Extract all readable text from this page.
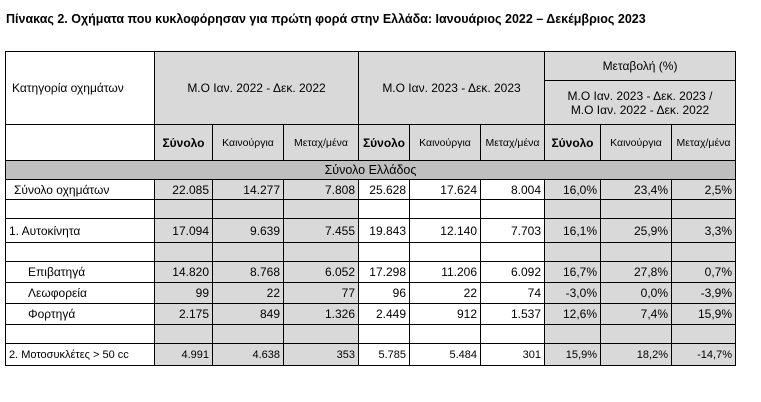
Πίνακας 2. Οχήματα που κυκλοφόρησαν για πρώτη φορά στην Ελλάδα: Ιανουάριος 2022 – Δεκέμβριος 2023
Κατηγορία οχημάτων	Μ.Ο Ιαν. 2022 - Δεκ. 2022			Μ.Ο Ιαν. 2023 - Δεκ. 2023			Μεταβολή (%)		

							Μ.Ο Ιαν. 2023 - Δεκ. 2023 /
Μ.Ο Ιαν. 2022 - Δεκ. 2022		

	Σύνολο	Καινούργια	Μεταχ/μένα	Σύνολο	Καινούργια	Μεταχ/μένα	Σύνολο	Καινούργια	Μεταχ/μένα
Σύνολο Ελλάδος									
Σύνολο οχημάτων	22.085	14.277	7.808	25.628	17.624	8.004	16,0%	23,4%	2,5%

1. Αυτοκίνητα	17.094	9.639	7.455	19.843	12.140	7.703	16,1%	25,9%	3,3%

Επιβατηγά	14.820	8.768	6.052	17.298	11.206	6.092	16,7%	27,8%	0,7%
Λεωφορεία	99	22	77	96	22	74	-3,0%	0,0%	-3,9%
Φορτηγά	2.175	849	1.326	2.449	912	1.537	12,6%	7,4%	15,9%

2. Μοτοσυκλέτες > 50 cc	4.991	4.638	353	5.785	5.484	301	15,9%	18,2%	-14,7%
